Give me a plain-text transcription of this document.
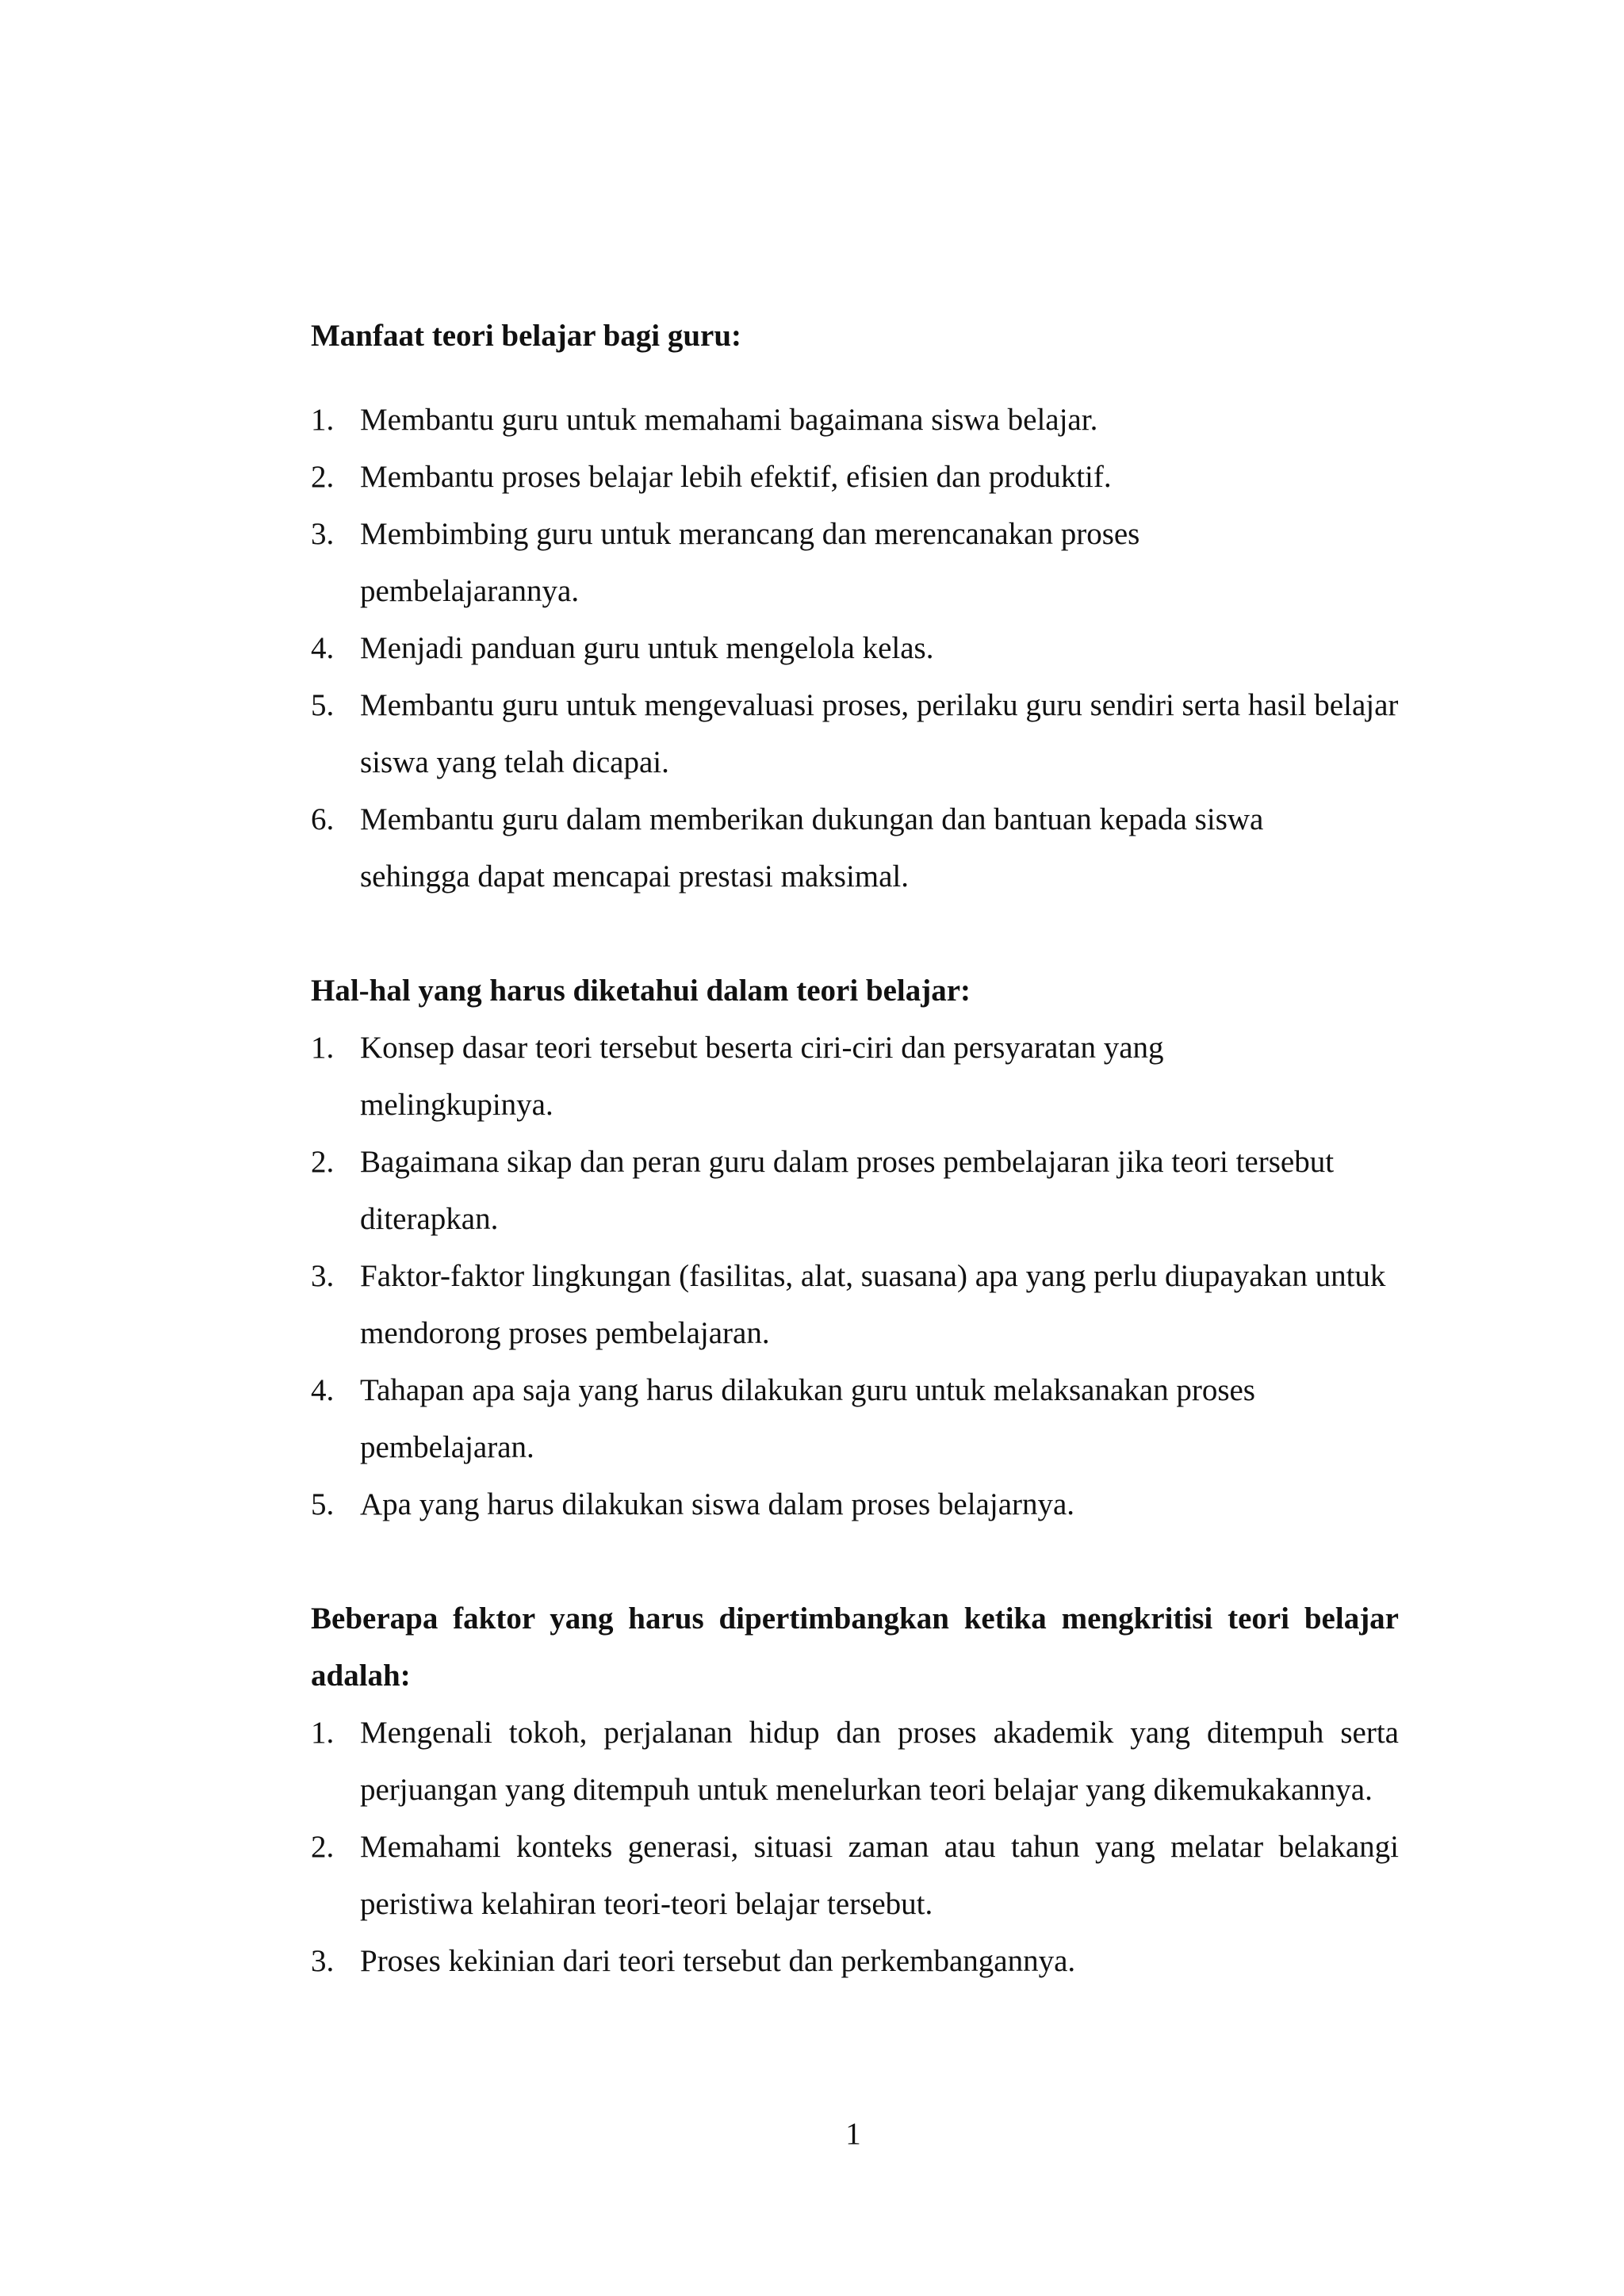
Manfaat teori belajar bagi guru:

1. Membantu guru untuk memahami bagaimana siswa belajar.
2. Membantu proses belajar lebih efektif, efisien dan produktif.
3. Membimbing guru untuk merancang dan merencanakan proses pembelajarannya.
4. Menjadi panduan guru untuk mengelola kelas.
5. Membantu guru untuk mengevaluasi proses, perilaku guru sendiri serta hasil belajar siswa yang telah dicapai.
6. Membantu guru dalam memberikan dukungan dan bantuan kepada siswa sehingga dapat mencapai prestasi maksimal.

Hal-hal yang harus diketahui dalam teori belajar:

1. Konsep dasar teori tersebut beserta ciri-ciri dan persyaratan yang melingkupinya.
2. Bagaimana sikap dan peran guru dalam proses pembelajaran jika teori tersebut diterapkan.
3. Faktor-faktor lingkungan (fasilitas, alat, suasana) apa yang perlu diupayakan untuk mendorong proses pembelajaran.
4. Tahapan apa saja yang harus dilakukan guru untuk melaksanakan proses pembelajaran.
5. Apa yang harus dilakukan siswa dalam proses belajarnya.

Beberapa faktor yang harus dipertimbangkan ketika mengkritisi teori belajar adalah:

1. Mengenali tokoh, perjalanan hidup dan proses akademik yang ditempuh serta perjuangan yang ditempuh untuk menelurkan teori belajar yang dikemukakannya.
2. Memahami konteks generasi, situasi zaman atau tahun yang melatar belakangi peristiwa kelahiran teori-teori belajar tersebut.
3. Proses kekinian dari teori tersebut dan perkembangannya.
1
